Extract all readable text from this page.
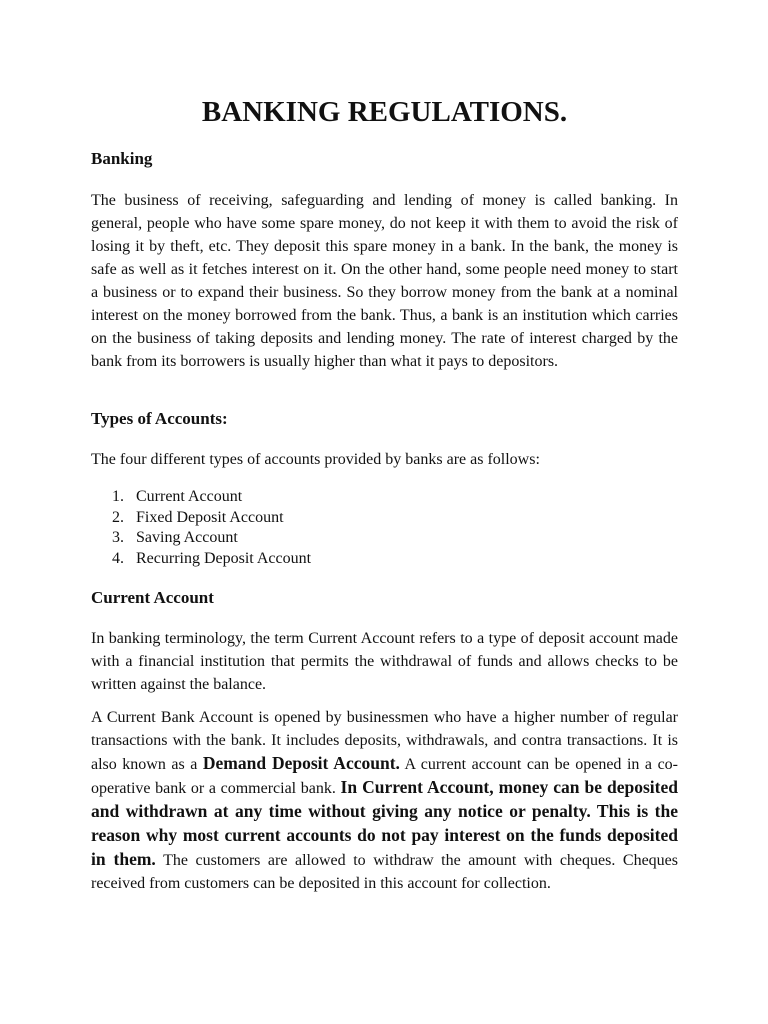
BANKING REGULATIONS.
Banking

The business of receiving, safeguarding and lending of money is called banking. In general, people who have some spare money, do not keep it with them to avoid the risk of losing it by theft, etc. They deposit this spare money in a bank. In the bank, the money is safe as well as it fetches interest on it. On the other hand, some people need money to start a business or to expand their business. So they borrow money from the bank at a nominal interest on the money borrowed from the bank. Thus, a bank is an institution which carries on the business of taking deposits and lending money. The rate of interest charged by the bank from its borrowers is usually higher than what it pays to depositors.

Types of Accounts:

The four different types of accounts provided by banks are as follows:

1. Current Account
2. Fixed Deposit Account
3. Saving Account
4. Recurring Deposit Account
Current Account

In banking terminology, the term Current Account refers to a type of deposit account made with a financial institution that permits the withdrawal of funds and allows checks to be written against the balance.

A Current Bank Account is opened by businessmen who have a higher number of regular transactions with the bank. It includes deposits, withdrawals, and contra transactions. It is also known as a Demand Deposit Account. A current account can be opened in a co-operative bank or a commercial bank. In Current Account, money can be deposited and withdrawn at any time without giving any notice or penalty. This is the reason why most current accounts do not pay interest on the funds deposited in them. The customers are allowed to withdraw the amount with cheques. Cheques received from customers can be deposited in this account for collection.
